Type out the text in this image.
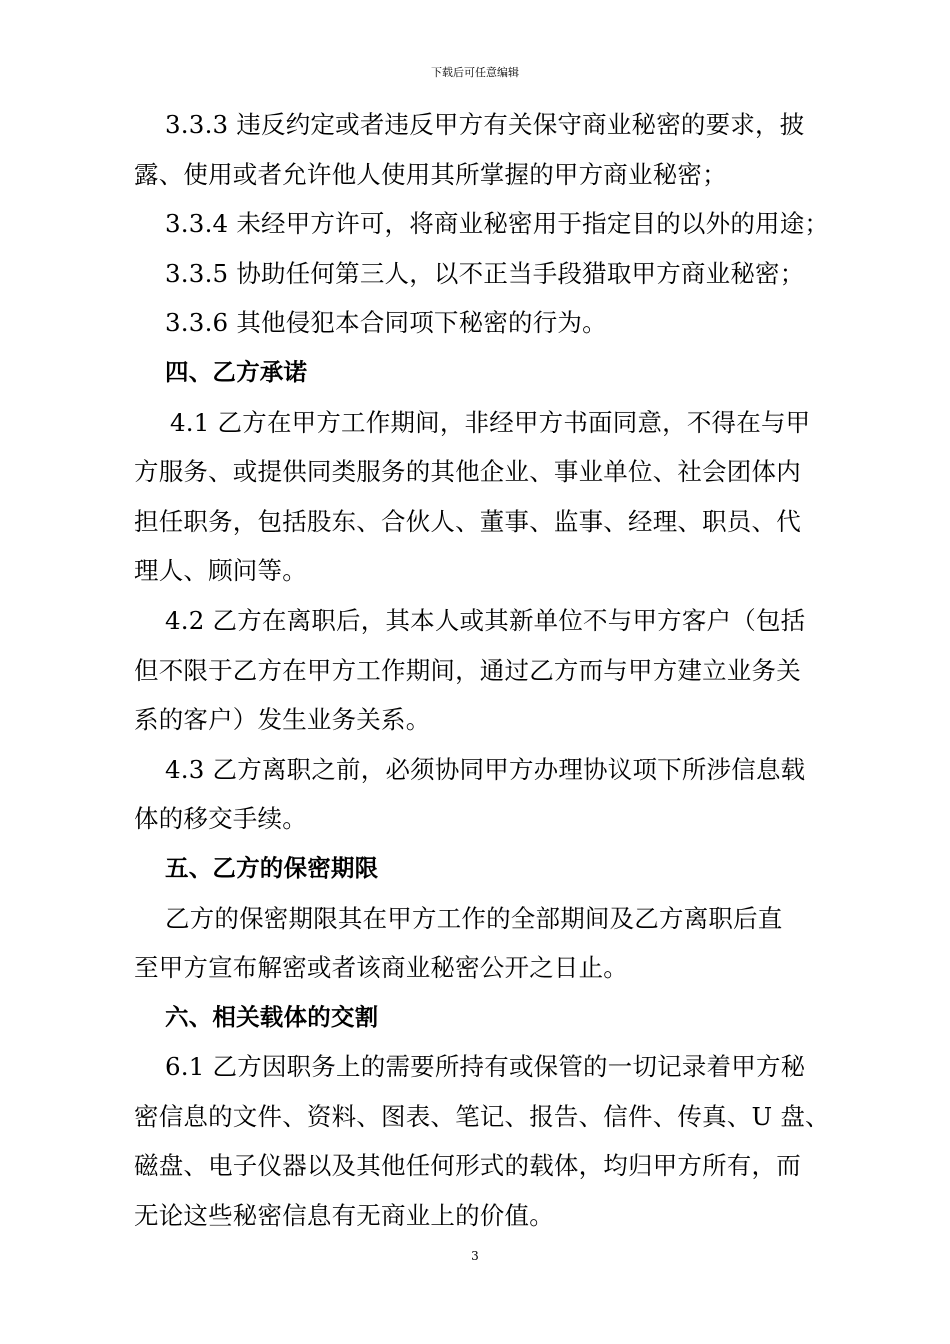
下载后可任意编辑
3.3.3 违反约定或者违反甲方有关保守商业秘密的要求，披
露、使用或者允许他人使用其所掌握的甲方商业秘密；
3.3.4 未经甲方许可，将商业秘密用于指定目的以外的用途；
3.3.5 协助任何第三人，以不正当手段猎取甲方商业秘密；
3.3.6 其他侵犯本合同项下秘密的行为。
四、乙方承诺
4.1 乙方在甲方工作期间，非经甲方书面同意，不得在与甲
方服务、或提供同类服务的其他企业、事业单位、社会团体内
担任职务，包括股东、合伙人、董事、监事、经理、职员、代
理人、顾问等。
4.2 乙方在离职后，其本人或其新单位不与甲方客户（包括
但不限于乙方在甲方工作期间，通过乙方而与甲方建立业务关
系的客户）发生业务关系。
4.3 乙方离职之前，必须协同甲方办理协议项下所涉信息载
体的移交手续。
五、乙方的保密期限
乙方的保密期限其在甲方工作的全部期间及乙方离职后直
至甲方宣布解密或者该商业秘密公开之日止。
六、相关载体的交割
6.1 乙方因职务上的需要所持有或保管的一切记录着甲方秘
密信息的文件、资料、图表、笔记、报告、信件、传真、U 盘、
磁盘、电子仪器以及其他任何形式的载体，均归甲方所有，而
无论这些秘密信息有无商业上的价值。
3
